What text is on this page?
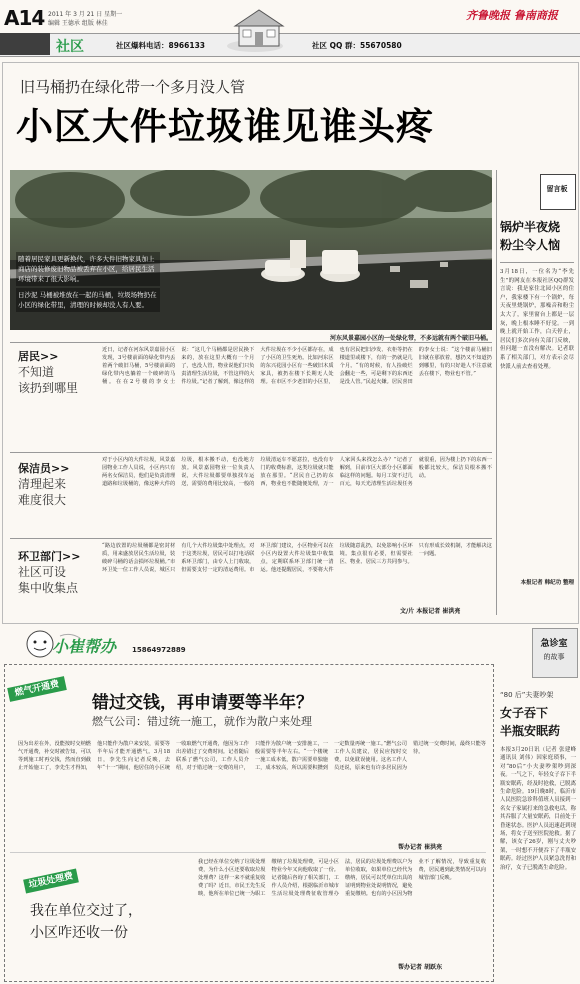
A14 2011 年 3 月 21 日 星期一
编辑 王德承 组版 林佳
齐鲁晚报 鲁南商报
社区	社区爆料电话：8966133	社区 QQ 群：55670580
旧马桶扔在绿化带一个多月没人管
小区大件垃圾谁见谁头疼
随着居民家具更新换代，许多大件旧物家具加上商店的装修废旧物品被丢弃在小区，给居民生活环境带来了很大影响。
日沙泥 马桶被堆放在一起的马桶，垃圾场物扔在小区的绿化带里，清理的时候却没人有人要。
河东风景嘉园小区的一处绿化带，不多远就有两个破旧马桶。
居民>>
不知道
该扔到哪里
近日，记者在河东风景嘉园小区发现，3号楼前面的绿化带内丢着两个破旧马桶，5号楼前面的绿化带内也躺着一个破碎的马桶。在在2号楼的李女士说：“这几个马桶都是居民换下来的，放在这里大概有一个月了，也没人管，物业说他们只负责清理生活垃圾，不管这样的大件垃圾。”记者了解到，像这样的大件垃圾在不少小区都存在，成了小区的卫生死角。比如河东区的东兴花园小区有一些破旧木质家具，被扔在楼下长期无人处理。在市区不少老旧的小区里，也有居民把旧沙发、衣柜等扔在楼道里或楼下，有的一扔就是几个月。“有的时候，有人捡破烂会翻走一些，可是剩下的东西还是没人管。”民起火嫌。居民喜田的李女士说：“这个楼前马桶旧旧就在那放着，想扔又不知道扔到哪里，有的只好趁人不注意就丢在楼下，物业也不管。”
保洁员>>
清理起来
难度很大
对于小区内的大件垃圾，风景嘉园物业工作人员说，小区内只有两名女保洁员，他们是负责清理道路和垃圾桶的，像这种大件的垃圾，根本搬不动，也没地方放。风景嘉园物业一位负责人说，大件垃圾都要单独找车运送，需要的费用比较高，一般的垃圾清运车不愿意拉，也没有专门的收费标准，这类垃圾就只能放在那里。“居民自己扔的东西，物业也不能随便处理，万一人家回头来找怎么办？”记者了解到，目前市区大部分小区都面临这样的问题。每月工资不过几百元，每天光清理生活垃圾任务就很重，因为楼上扔下的东西一般都比较大，保洁员根本搬不动。
环卫部门>>
社区可设
集中收集点
“路边放置的垃圾桶都是密封材质，用来盛放居民生活垃圾，装破碎马桶的话会损坏垃圾桶。”市环卫处一位工作人员说，城区只有几个大件垃圾集中处理点，对于这类垃圾，居民可以打电话联系环卫部门，由专人上门收取，但需要支付一定的清运费用。市环卫部门建议，小区物业可以在小区内设置大件垃圾集中收集点，定期联系环卫部门统一清运。他还提醒居民，不要将大件垃圾随意乱扔，以免影响小区环境。集点很有必要，但需要社区、物业、居民三方共同参与。只有形成长效机制，才能解决这一问题。
文/片 本报记者 崔洪亮
留言板
锅炉半夜烧
粉尘令人恼
3月18日，一位名为“李先生”的网友在本报社区QQ群发言说：我是家住北园小区的住户，我家楼下有一个锅炉，每天夜里烧锅炉，那噪音和粉尘太大了，家里窗台上都是一层灰，晚上根本睡不好觉。一到晚上就开始工作，白天停止，居民们多次向有关部门反映，但问题一直没有解决。记者联系了相关部门，对方表示会尽快派人前去查看处理。
本报记者 韩纪功 整理
小崔帮办 15864972889
燃气开通费
错过交钱，再申请要等半年？
燃气公司：错过统一施工，就作为散户来处理
因为出差在外，没能按时交纳燃气开通费，补交时被告知，可以等到施工时再交钱，然而直到截止开始施工了，李先生才得知，他只能作为散户来安装，需要等半年后才能开通燃气。3月18日，李先生向记者反映，去年“十一”期间，他居住的小区统一收取燃气开通费，他因为工作出差错过了交费时间。记者随后联系了燃气公司，工作人员介绍，对于错过统一交费的用户，只能作为散户统一安排施工，一般需要等半年左右。“一个楼统一施工成本低，散户需要单独施工，成本较高，所以需要积攒到一定数量再统一施工。”燃气公司工作人员建议，居民应按时交费，以免耽误使用。这名工作人员还说，原来也有许多居民因为错过统一交费时间，最终只能等待。
帮办记者 崔洪亮
垃圾处理费
我在单位交过了，
小区咋还收一份
我已经在单位交纳了垃圾处理费，为什么小区还要收取垃圾处理费？这样一来不就重复收费了吗？近日，市民王先生反映，他所在单位已统一为职工缴纳了垃圾处理费，可是小区物业今年又向他收取了一份。记者随后咨询了相关部门，工作人员介绍，根据临沂市城市生活垃圾处理费征收管理办法，居民的垃圾处理费以户为单位收取，如果单位已经代为缴纳，居民可以凭单位出具的证明到物业处说明情况，避免重复缴纳。也有的小区因为物业不了解情况，导致重复收费，居民遇到此类情况可以向城管部门反映。
帮办记者 胡跃东
急诊室
的故事
“80 后”夫妻吵架
女子吞下
半瓶安眠药
本报3月20日讯（记者 张建峰 通讯员 刘伟）因家庭琐事，一对“80后”小夫妻吵架吵到深夜。一气之下，年轻女子吞下半瓶安眠药，经及时抢救，已脱离生命危险。19日晚8时，临沂市人民医院急诊科值班人员接到一名女子家属打来的急救电话，称其吞服了大量安眠药，目前处于昏迷状态。医护人员迅速赶到现场，将女子送至医院抢救。据了解，该女子26岁，刚与丈夫吵架，一时想不开便吞下了半瓶安眠药。经过医护人员紧急洗胃和治疗，女子已脱离生命危险。
